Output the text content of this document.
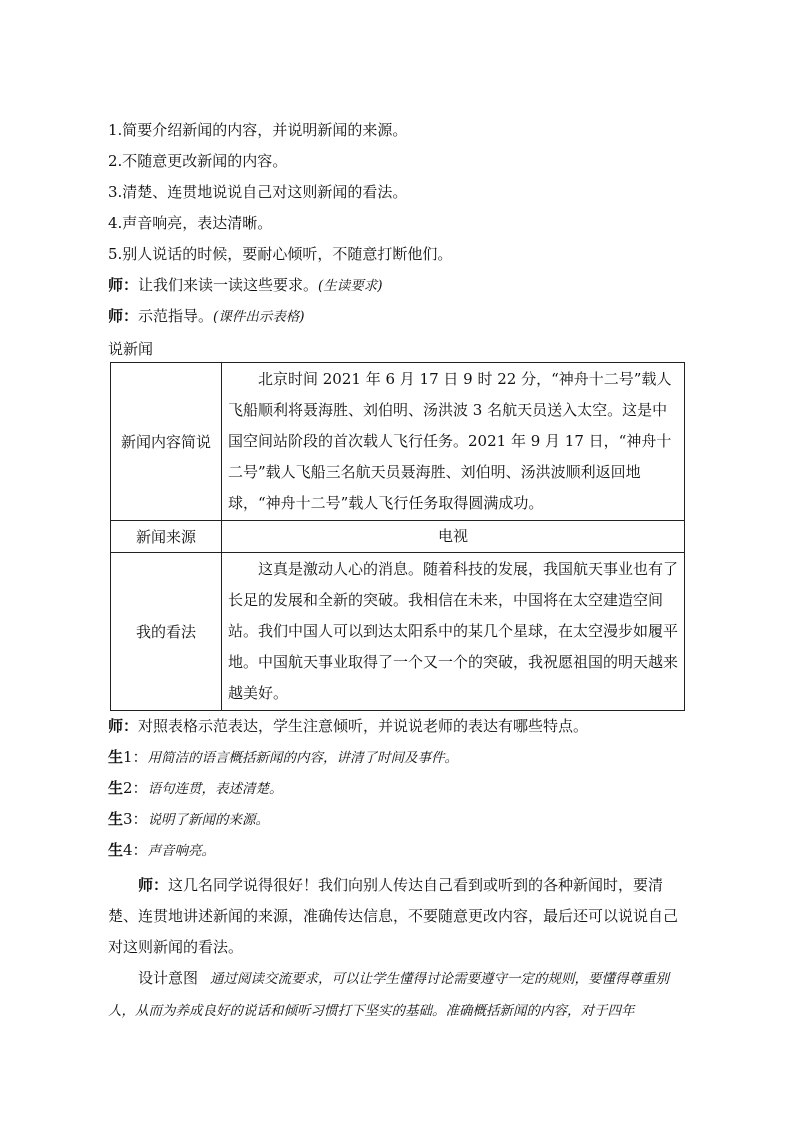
1.简要介绍新闻的内容，并说明新闻的来源。
2.不随意更改新闻的内容。
3.清楚、连贯地说说自己对这则新闻的看法。
4.声音响亮，表达清晰。
5.别人说话的时候，要耐心倾听，不随意打断他们。
师：让我们来读一读这些要求。(生读要求)
师：示范指导。(课件出示表格)
说新闻
新闻内容简说	北京时间 2021 年 6 月 17 日 9 时 22 分，“神舟十二号”载人飞船顺利将聂海胜、刘伯明、汤洪波 3 名航天员送入太空。这是中国空间站阶段的首次载人飞行任务。2021 年 9 月 17 日，“神舟十二号”载人飞船三名航天员聂海胜、刘伯明、汤洪波顺利返回地球，“神舟十二号”载人飞行任务取得圆满成功。

新闻来源	电视
我的看法	这真是激动人心的消息。随着科技的发展，我国航天事业也有了长足的发展和全新的突破。我相信在未来，中国将在太空建造空间站。我们中国人可以到达太阳系中的某几个星球，在太空漫步如履平地。中国航天事业取得了一个又一个的突破，我祝愿祖国的明天越来越美好。

师：对照表格示范表达，学生注意倾听，并说说老师的表达有哪些特点。
生1：用简洁的语言概括新闻的内容，讲清了时间及事件。
生2：语句连贯，表述清楚。
生3：说明了新闻的来源。
生4：声音响亮。
师：这几名同学说得很好！我们向别人传达自己看到或听到的各种新闻时，要清楚、连贯地讲述新闻的来源，准确传达信息，不要随意更改内容，最后还可以说说自己对这则新闻的看法。
设计意图 通过阅读交流要求，可以让学生懂得讨论需要遵守一定的规则，要懂得尊重别人，从而为养成良好的说话和倾听习惯打下坚实的基础。准确概括新闻的内容，对于四年
